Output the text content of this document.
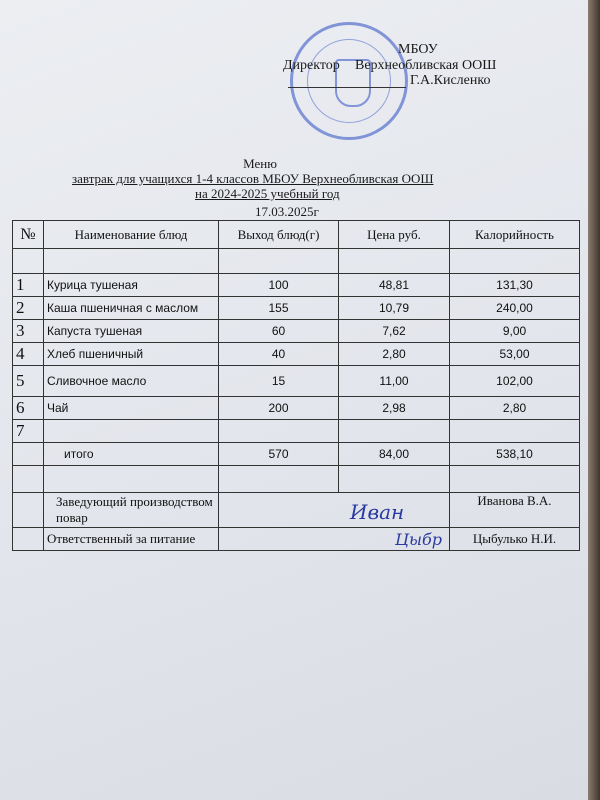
МБОУ
Директор Верхнеобливская ООШ
Г.А.Кисленко
Меню
завтрак для учащихся 1-4 классов МБОУ Верхнеобливская ООШ
на 2024-2025 учебный год
17.03.2025г
№	Наименование блюд	Выход блюд(г)	Цена руб.	Калорийность

1	Курица тушеная	100	48,81	131,30
2	Каша пшеничная с маслом	155	10,79	240,00
3	Капуста тушеная	60	7,62	9,00
4	Хлеб пшеничный	40	2,80	53,00
5	Сливочное масло	15	11,00	102,00
6	Чай	200	2,98	2,80
7				
	итого	570	84,00	538,10

	Заведующий производством повар			Иванова В.А.
	Ответственный за питание			Цыбулько Н.И.
Иван
Цыбр
